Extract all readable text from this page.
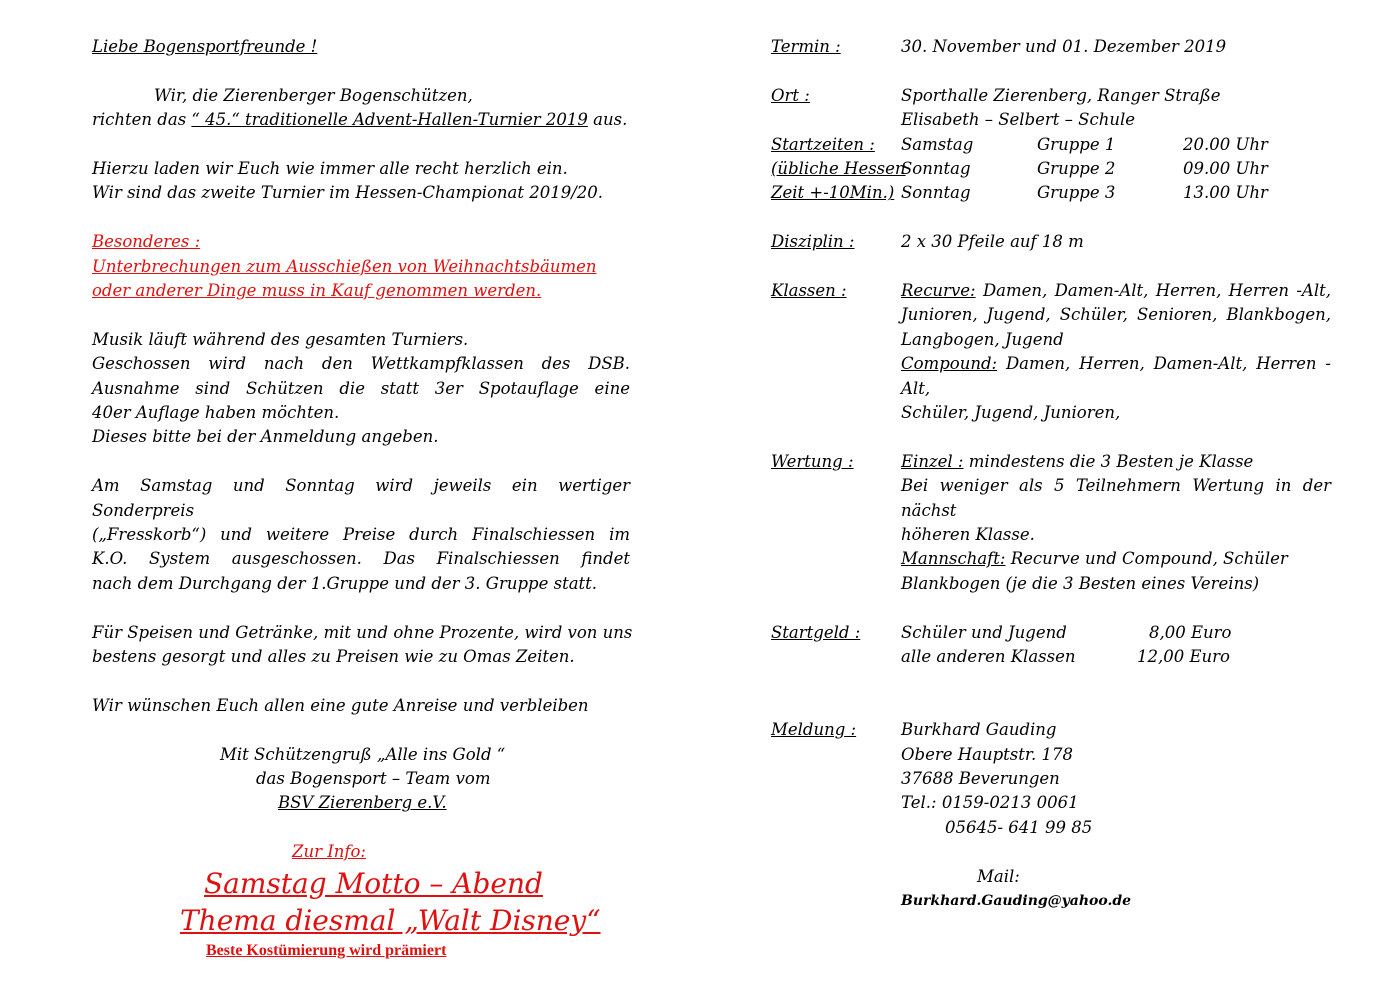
Liebe Bogensportfreunde !
Wir, die Zierenberger Bogenschützen,
richten das “ 45.“ traditionelle Advent-Hallen-Turnier 2019 aus.
Hierzu laden wir Euch wie immer alle recht herzlich ein.
Wir sind das zweite Turnier im Hessen-Championat 2019/20.
Besonderes :
Unterbrechungen zum Ausschießen von Weihnachtsbäumen
oder anderer Dinge muss in Kauf genommen werden.
Musik läuft während des gesamten Turniers.
Geschossen wird nach den Wettkampfklassen des DSB.
Ausnahme sind Schützen die statt 3er Spotauflage eine
40er Auflage haben möchten.
Dieses bitte bei der Anmeldung angeben.
Am Samstag und Sonntag wird jeweils ein wertiger Sonderpreis
(„Fresskorb“) und weitere Preise durch Finalschiessen im
K.O. System ausgeschossen. Das Finalschiessen findet
nach dem Durchgang der 1.Gruppe und der 3. Gruppe statt.
Für Speisen und Getränke, mit und ohne Prozente, wird von uns
bestens gesorgt und alles zu Preisen wie zu Omas Zeiten.
Wir wünschen Euch allen eine gute Anreise und verbleiben
Mit Schützengruß „Alle ins Gold “
das Bogensport – Team vom
BSV Zierenberg e.V.
Zur Info:
Samstag Motto – Abend
Thema diesmal „Walt Disney“
Beste Kostümierung wird prämiert
Termin :	30. November und 01. Dezember 2019
Ort :	Sporthalle Zierenberg, Ranger Straße
Elisabeth – Selbert – Schule
Startzeiten :	Samstag	Gruppe 1	20.00 Uhr
(übliche Hessen
Sonntag	Gruppe 2	09.00 Uhr
Zeit +-10Min.) Sonntag	Gruppe 3	13.00 Uhr
Disziplin :	2 x 30 Pfeile auf 18 m
Klassen :	Recurve: Damen, Damen-Alt, Herren, Herren -Alt,
Junioren, Jugend, Schüler, Senioren, Blankbogen,
Langbogen, Jugend
Compound: Damen, Herren, Damen-Alt, Herren -Alt,
Schüler, Jugend, Junioren,
Wertung :	Einzel : mindestens die 3 Besten je Klasse
Bei weniger als 5 Teilnehmern Wertung in der nächst
höheren Klasse.
Mannschaft: Recurve und Compound, Schüler
Blankbogen (je die 3 Besten eines Vereins)
Startgeld :	Schüler und Jugend	8,00 Euro
alle anderen Klassen	12,00 Euro
Meldung :	Burkhard Gauding
Obere Hauptstr. 178
37688 Beverungen
Tel.: 0159-0213 0061
05645- 641 99 85
Mail:
Burkhard.Gauding@yahoo.de
